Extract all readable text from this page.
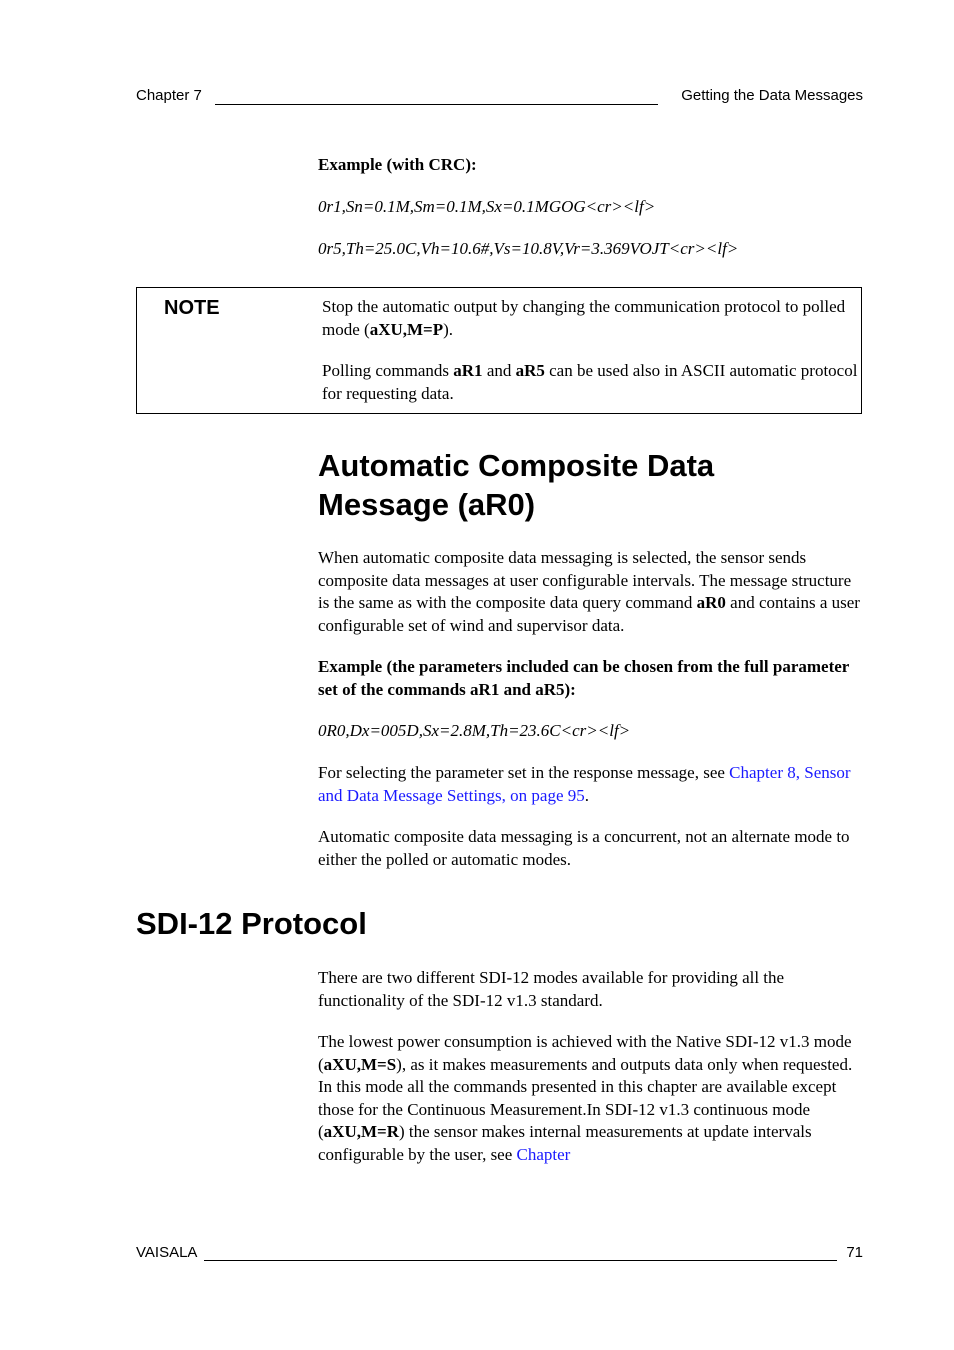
Chapter 7	Getting the Data Messages
Example (with CRC):
0r1,Sn=0.1M,Sm=0.1M,Sx=0.1MGOG<cr><lf>
0r5,Th=25.0C,Vh=10.6#,Vs=10.8V,Vr=3.369VOJT<cr><lf>
NOTE	Stop the automatic output by changing the communication protocol to polled mode (aXU,M=P).

Polling commands aR1 and aR5 can be used also in ASCII automatic protocol for requesting data.

Automatic Composite Data
Message (aR0)

When automatic composite data messaging is selected, the sensor sends composite data messages at user configurable intervals. The message structure is the same as with the composite data query command aR0 and contains a user configurable set of wind and supervisor data.

Example (the parameters included can be chosen from the full parameter set of the commands aR1 and aR5):

0R0,Dx=005D,Sx=2.8M,Th=23.6C<cr><lf>

For selecting the parameter set in the response message, see Chapter 8, Sensor and Data Message Settings, on page 95.

Automatic composite data messaging is a concurrent, not an alternate mode to either the polled or automatic modes.

SDI-12 Protocol

There are two different SDI-12 modes available for providing all the functionality of the SDI-12 v1.3 standard.

The lowest power consumption is achieved with the Native SDI-12 v1.3 mode (aXU,M=S), as it makes measurements and outputs data only when requested. In this mode all the commands presented in this chapter are available except those for the Continuous Measurement.In SDI-12 v1.3 continuous mode (aXU,M=R) the sensor makes internal measurements at update intervals configurable by the user, see Chapter

VAISALA	71
